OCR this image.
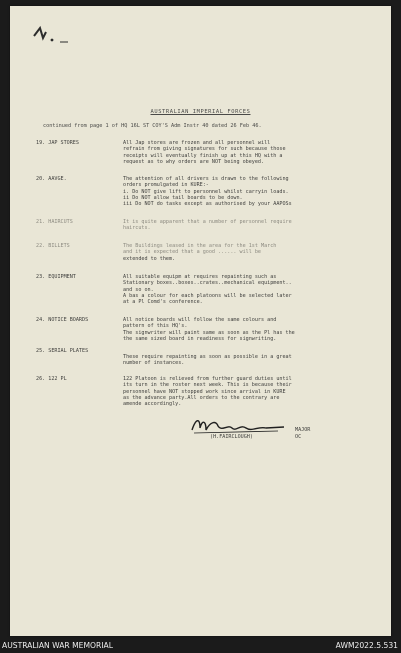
AUSTRALIAN IMPERIAL FORCES
continued from page 1 of HQ 16L ST COY'S Adm Instr 40 dated 26 Feb 46.
19. JAP STORES	All Jap stores are frozen and all personnel will
refrain from giving signatures for such because those
receipts will eventually finish up at this HQ with a
request as to why orders are NOT being obeyed.
20. AAVGE.	The attention of all drivers is drawn to the following
orders promulgated in KURE:-
i. Do NOT give lift to personnel whilst carryin loads.
ii Do NOT allow tail boards to be down.
iii Do NOT do tasks except as authorised by your AAPOSs
21. HAIRCUTS	It is quite apparent that a number of personnel require
haircuts.
22. BILLETS	The Buildings leased in the area for the 1st March
and it is expected that a good ...... will be
extended to them.
23. EQUIPMENT	All suitable equipm at requires repainting such as
Stationary boxes..boxes..crates..mechanical equipment..
and so on.
A bas a colour for each platoons will be selected later
at a Pl Comd's conference.
24. NOTICE BOARDS	All notice boards will follow the same colours and
pattern of this HQ's.
The signwriter will paint same as soon as the Pl has the
the same sized board in readiness for signwriting.
25. SERIAL PLATES
These require repainting as soon as possible in a great
number of instances.
26. 122 PL	122 Platoon is relieved from further guard duties until
its turn in the roster next week. This is because their
personnel have NOT stopped work since arrival in KURE
as the advance party.All orders to the contrary are
amende accordingly.
MAJOR
(H.FAIRCLOUGH)	OC
AUSTRALIAN WAR MEMORIAL	AWM2022.5.531
